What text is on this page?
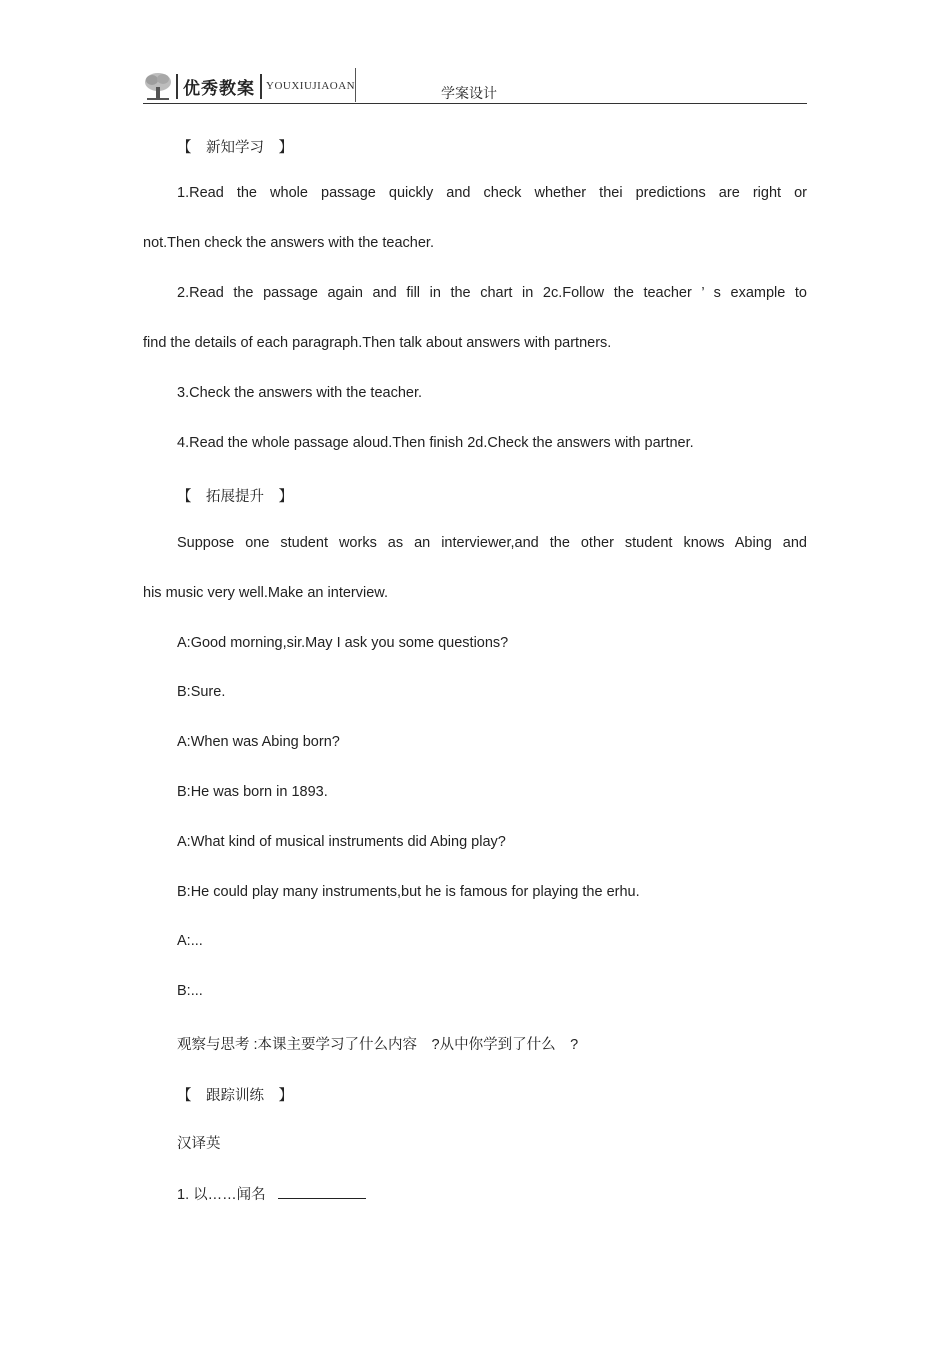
优秀教案	YOUXIUJIAOAN	学案设计
【　新知学习　】
1.Read the whole passage quickly and check whether thei predictions are right or
not.Then check the answers with the teacher.
2.Read the passage again and fill in the chart in 2c.Follow the teacher ’ s example to
find the details of each paragraph.Then talk about answers with partners.
3.Check the answers with the teacher.
4.Read the whole passage aloud.Then finish 2d.Check the answers with partner.
【　拓展提升　】
Suppose one student works as an interviewer,and the other student knows Abing and
his music very well.Make an interview.
A:Good morning,sir.May I ask you some questions?
B:Sure.
A:When was Abing born?
B:He was born in 1893.
A:What kind of musical instruments did Abing play?
B:He could play many instruments,but he is famous for playing the erhu.
A:...
B:...
观察与思考 :本课主要学习了什么内容　?从中你学到了什么　?
【　跟踪训练　】
汉译英
1. 以……闻名
